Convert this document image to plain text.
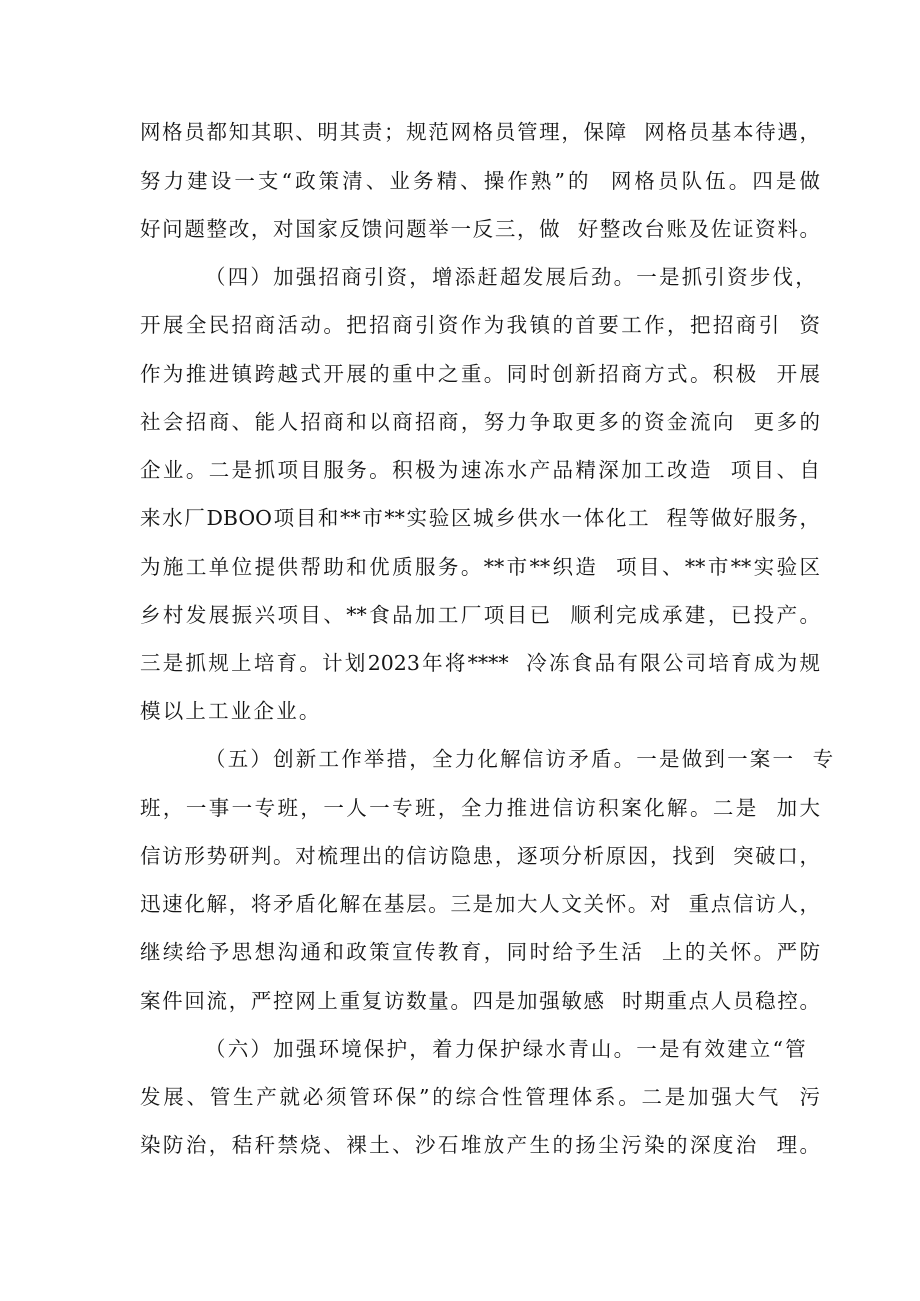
网格员都知其职、明其责；规范网格员管理，保障  网格员基本待遇，
努力建设一支“政策清、业务精、操作熟”的  网格员队伍。四是做
好问题整改，对国家反馈问题举一反三，做  好整改台账及佐证资料。
（四）加强招商引资，增添赶超发展后劲。一是抓引资步伐，
开展全民招商活动。把招商引资作为我镇的首要工作，把招商引  资
作为推进镇跨越式开展的重中之重。同时创新招商方式。积极  开展
社会招商、能人招商和以商招商，努力争取更多的资金流向  更多的
企业。二是抓项目服务。积极为速冻水产品精深加工改造  项目、自
来水厂DBOO项目和**市**实验区城乡供水一体化工  程等做好服务，
为施工单位提供帮助和优质服务。**市**织造  项目、**市**实验区
乡村发展振兴项目、**食品加工厂项目已  顺利完成承建，已投产。
三是抓规上培育。计划2023年将****  冷冻食品有限公司培育成为规
模以上工业企业。
（五）创新工作举措，全力化解信访矛盾。一是做到一案一  专
班，一事一专班，一人一专班，全力推进信访积案化解。二是  加大
信访形势研判。对梳理出的信访隐患，逐项分析原因，找到  突破口，
迅速化解，将矛盾化解在基层。三是加大人文关怀。对  重点信访人，
继续给予思想沟通和政策宣传教育，同时给予生活  上的关怀。严防
案件回流，严控网上重复访数量。四是加强敏感  时期重点人员稳控。
（六）加强环境保护，着力保护绿水青山。一是有效建立“管
发展、管生产就必须管环保”的综合性管理体系。二是加强大气  污
染防治，秸秆禁烧、裸土、沙石堆放产生的扬尘污染的深度治  理。
